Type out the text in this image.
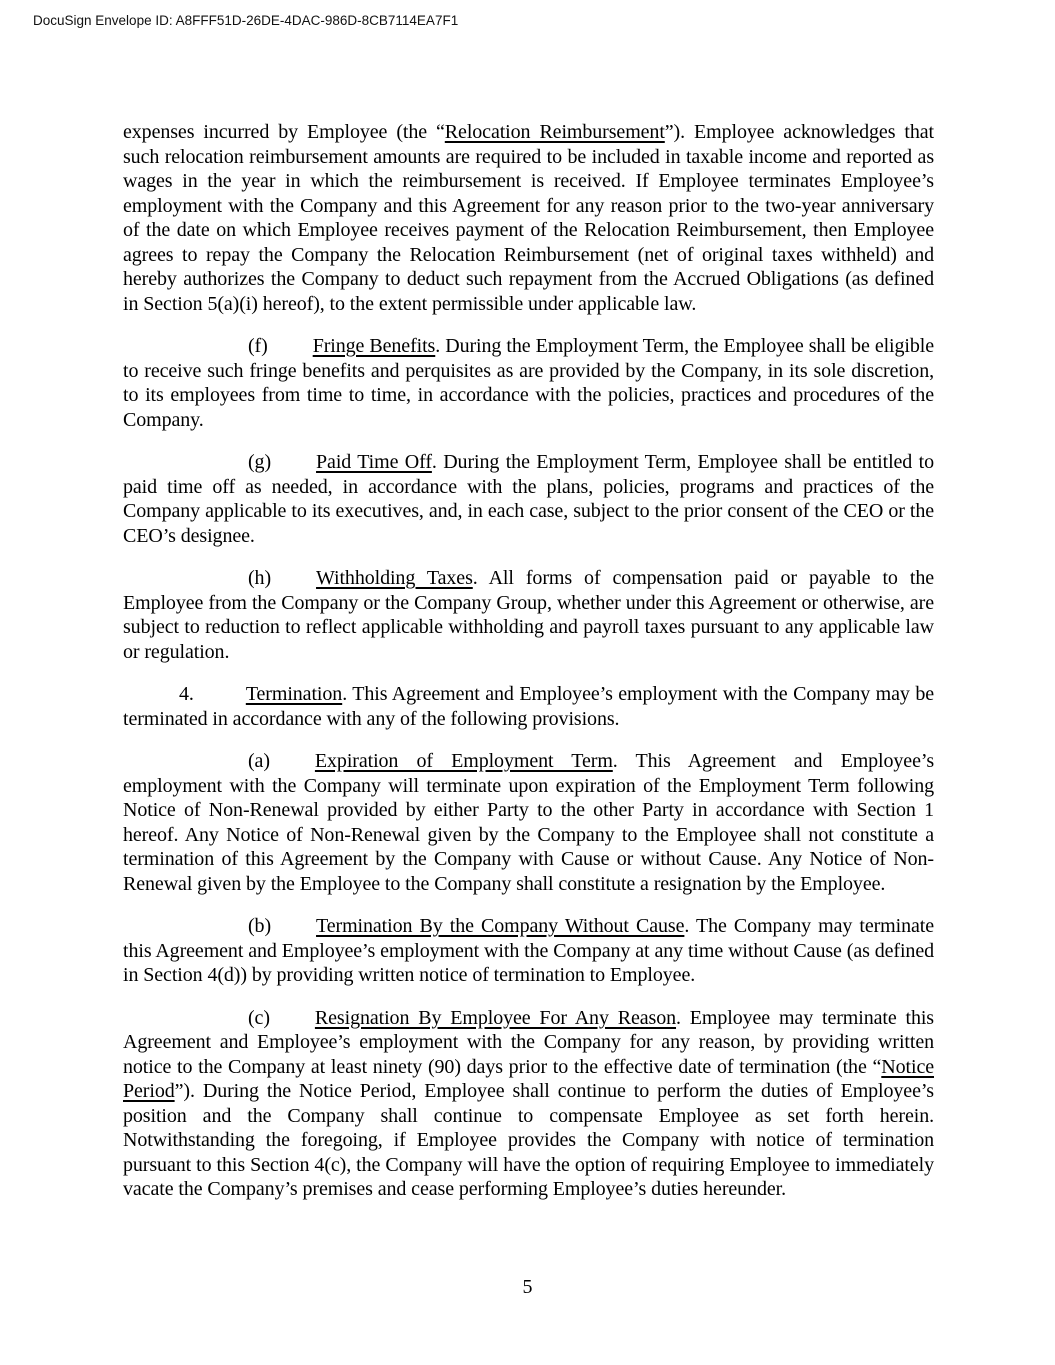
DocuSign Envelope ID: A8FFF51D-26DE-4DAC-986D-8CB7114EA7F1

expenses incurred by Employee (the “Relocation Reimbursement”). Employee acknowledges that such relocation reimbursement amounts are required to be included in taxable income and reported as wages in the year in which the reimbursement is received. If Employee terminates Employee’s employment with the Company and this Agreement for any reason prior to the two-year anniversary of the date on which Employee receives payment of the Relocation Reimbursement, then Employee agrees to repay the Company the Relocation Reimbursement (net of original taxes withheld) and hereby authorizes the Company to deduct such repayment from the Accrued Obligations (as defined in Section 5(a)(i) hereof), to the extent permissible under applicable law.

(f) Fringe Benefits. During the Employment Term, the Employee shall be eligible to receive such fringe benefits and perquisites as are provided by the Company, in its sole discretion, to its employees from time to time, in accordance with the policies, practices and procedures of the Company.

(g) Paid Time Off. During the Employment Term, Employee shall be entitled to paid time off as needed, in accordance with the plans, policies, programs and practices of the Company applicable to its executives, and, in each case, subject to the prior consent of the CEO or the CEO’s designee.

(h) Withholding Taxes. All forms of compensation paid or payable to the Employee from the Company or the Company Group, whether under this Agreement or otherwise, are subject to reduction to reflect applicable withholding and payroll taxes pursuant to any applicable law or regulation.

4.	Termination. This Agreement and Employee’s employment with the Company may be terminated in accordance with any of the following provisions.

(a) Expiration of Employment Term. This Agreement and Employee’s employment with the Company will terminate upon expiration of the Employment Term following Notice of Non-Renewal provided by either Party to the other Party in accordance with Section 1 hereof. Any Notice of Non-Renewal given by the Company to the Employee shall not constitute a termination of this Agreement by the Company with Cause or without Cause. Any Notice of Non-Renewal given by the Employee to the Company shall constitute a resignation by the Employee.

(b) Termination By the Company Without Cause. The Company may terminate this Agreement and Employee’s employment with the Company at any time without Cause (as defined in Section 4(d)) by providing written notice of termination to Employee.

(c) Resignation By Employee For Any Reason. Employee may terminate this Agreement and Employee’s employment with the Company for any reason, by providing written notice to the Company at least ninety (90) days prior to the effective date of termination (the “Notice Period”). During the Notice Period, Employee shall continue to perform the duties of Employee’s position and the Company shall continue to compensate Employee as set forth herein. Notwithstanding the foregoing, if Employee provides the Company with notice of termination pursuant to this Section 4(c), the Company will have the option of requiring Employee to immediately vacate the Company’s premises and cease performing Employee’s duties hereunder.

5
